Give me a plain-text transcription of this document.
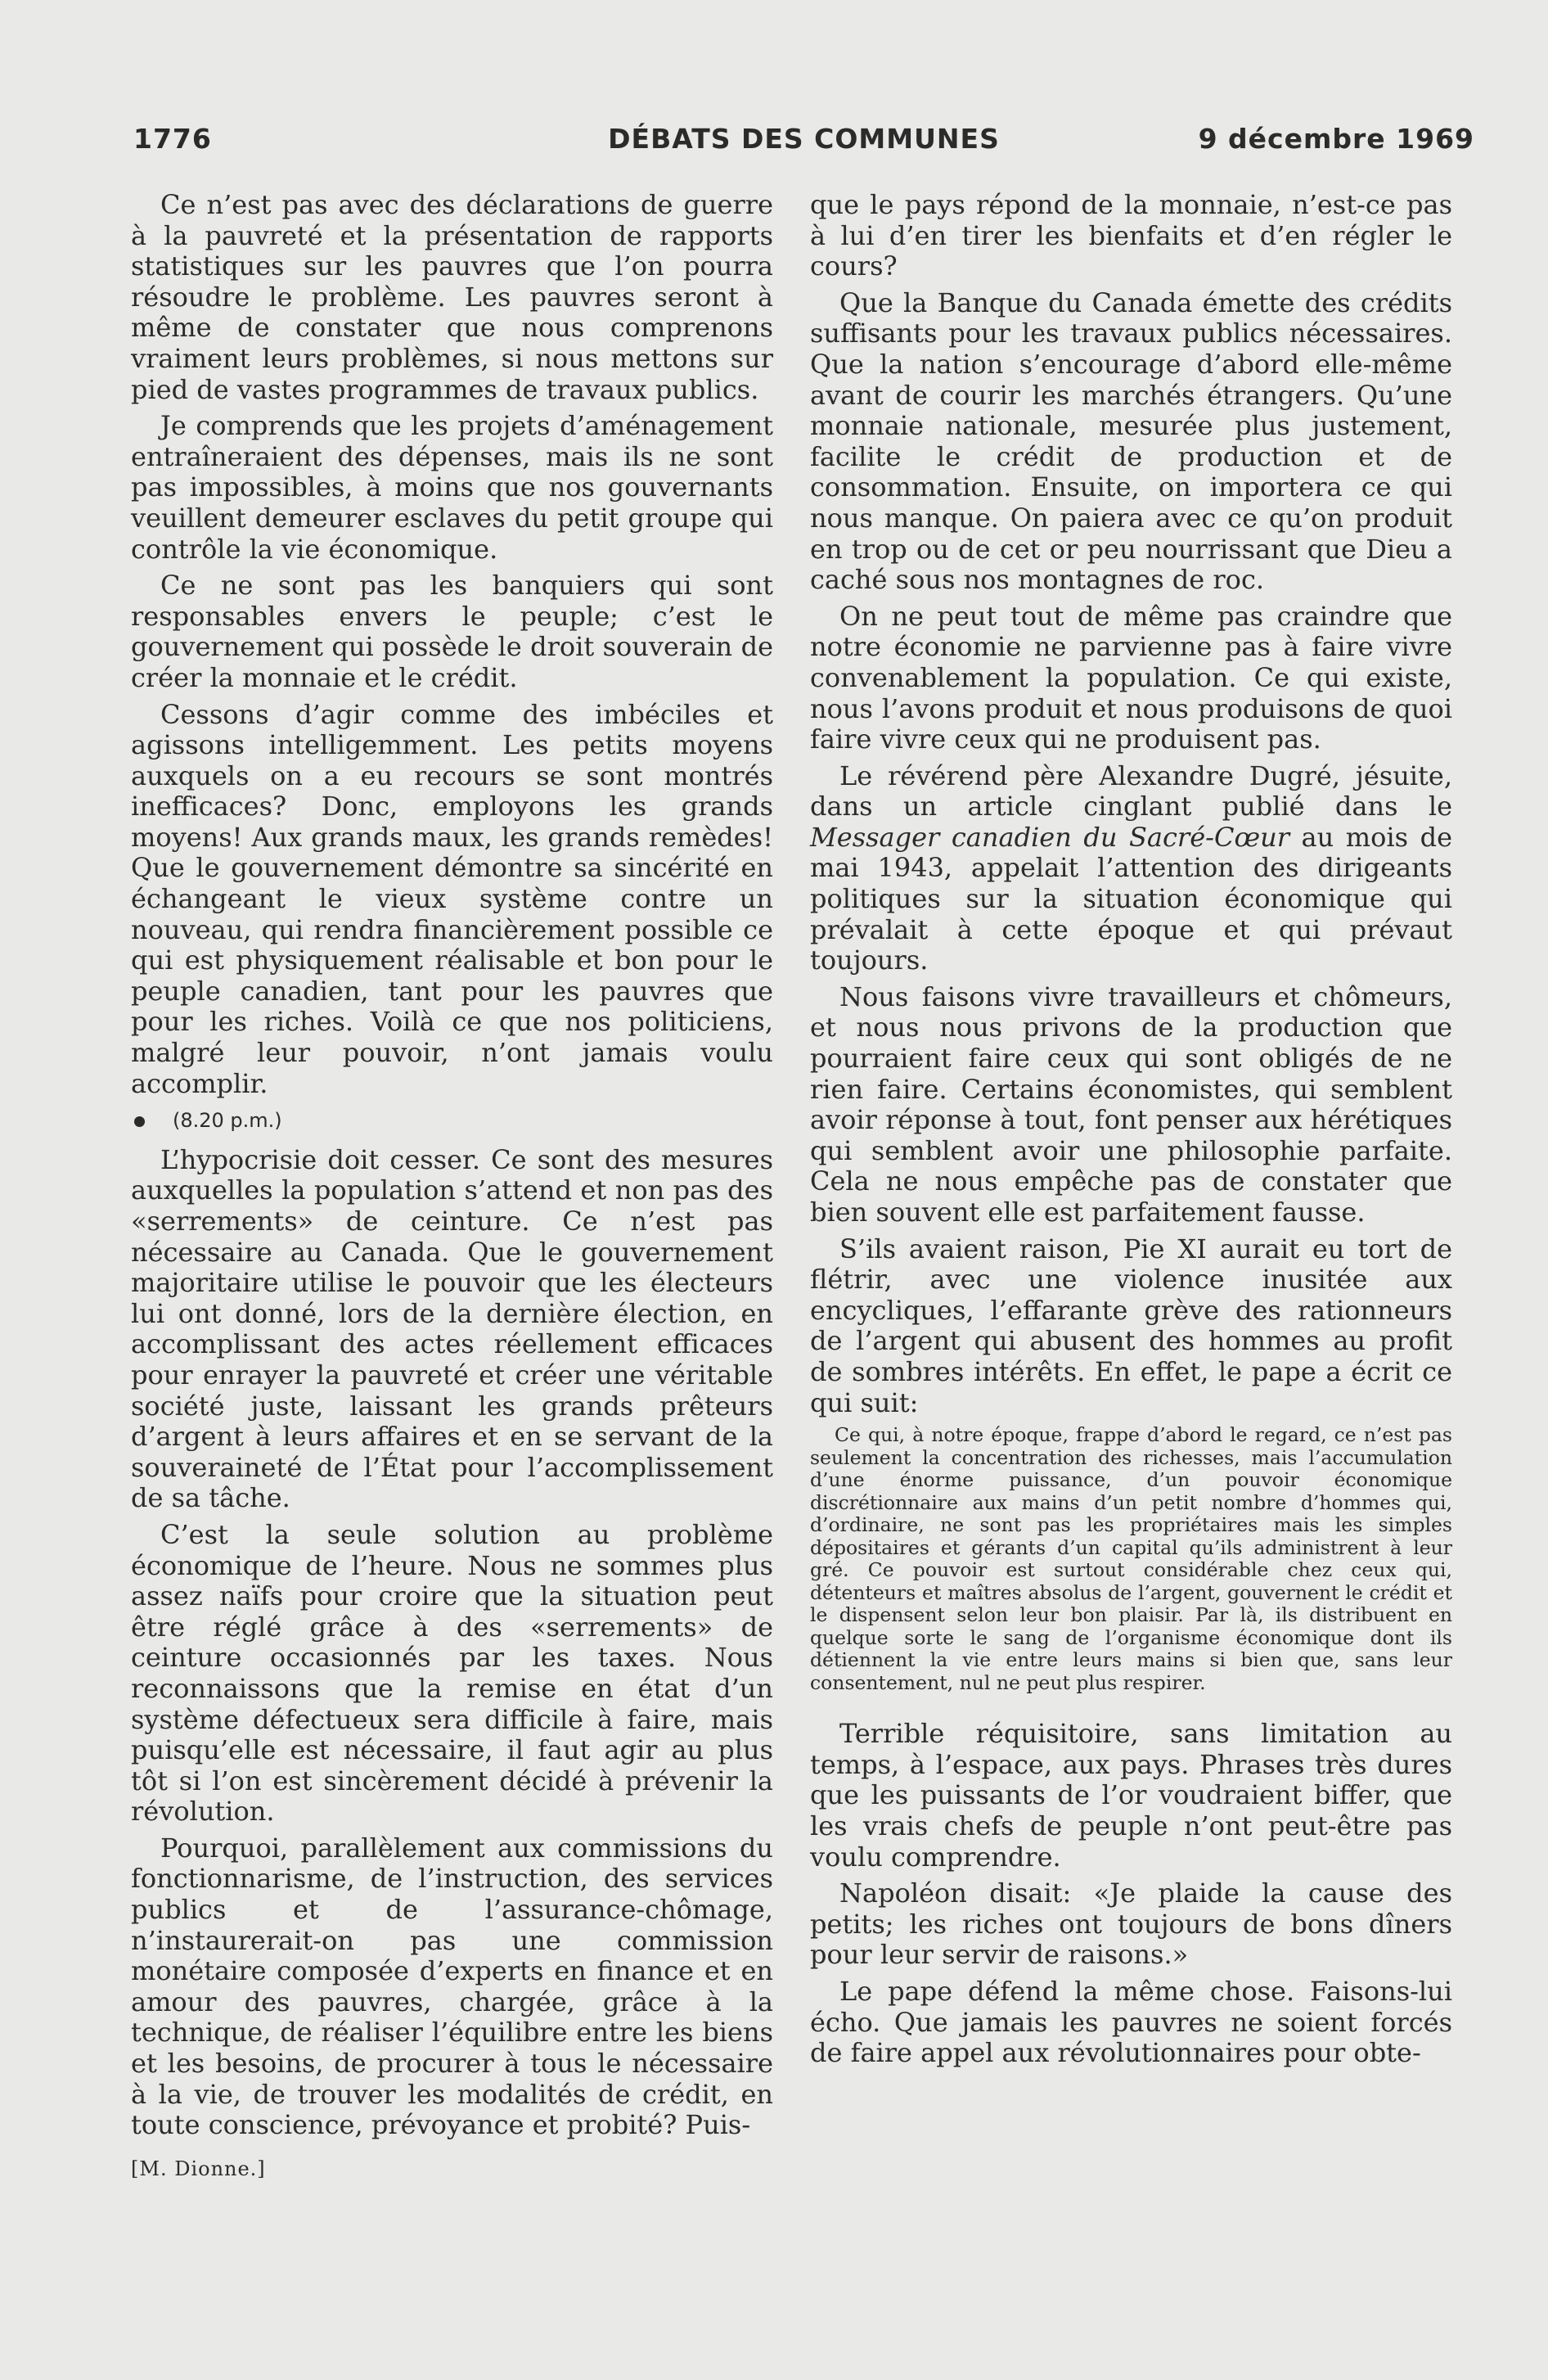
1776	DÉBATS DES COMMUNES	9 décembre 1969

Ce n’est pas avec des déclarations de guerre à la pauvreté et la présentation de rapports statistiques sur les pauvres que l’on pourra résoudre le problème. Les pauvres seront à même de constater que nous comprenons vraiment leurs problèmes, si nous mettons sur pied de vastes programmes de travaux publics.

Je comprends que les projets d’aménagement entraîneraient des dépenses, mais ils ne sont pas impossibles, à moins que nos gouvernants veuillent demeurer esclaves du petit groupe qui contrôle la vie économique.

Ce ne sont pas les banquiers qui sont responsables envers le peuple; c’est le gouvernement qui possède le droit souverain de créer la monnaie et le crédit.

Cessons d’agir comme des imbéciles et agissons intelligemment. Les petits moyens auxquels on a eu recours se sont montrés inefficaces? Donc, employons les grands moyens! Aux grands maux, les grands remèdes! Que le gouvernement démontre sa sincérité en échangeant le vieux système contre un nouveau, qui rendra financièrement possible ce qui est physiquement réalisable et bon pour le peuple canadien, tant pour les pauvres que pour les riches. Voilà ce que nos politiciens, malgré leur pouvoir, n’ont jamais voulu accomplir.

(8.20 p.m.)

L’hypocrisie doit cesser. Ce sont des mesures auxquelles la population s’attend et non pas des «serrements» de ceinture. Ce n’est pas nécessaire au Canada. Que le gouvernement majoritaire utilise le pouvoir que les électeurs lui ont donné, lors de la dernière élection, en accomplissant des actes réellement efficaces pour enrayer la pauvreté et créer une véritable société juste, laissant les grands prêteurs d’argent à leurs affaires et en se servant de la souveraineté de l’État pour l’accomplissement de sa tâche.

C’est la seule solution au problème économique de l’heure. Nous ne sommes plus assez naïfs pour croire que la situation peut être réglé grâce à des «serrements» de ceinture occasionnés par les taxes. Nous reconnaissons que la remise en état d’un système défectueux sera difficile à faire, mais puisqu’elle est nécessaire, il faut agir au plus tôt si l’on est sincèrement décidé à prévenir la révolution.

Pourquoi, parallèlement aux commissions du fonctionnarisme, de l’instruction, des services publics et de l’assurance-chômage, n’instaurerait-on pas une commission monétaire composée d’experts en finance et en amour des pauvres, chargée, grâce à la technique, de réaliser l’équilibre entre les biens et les besoins, de procurer à tous le nécessaire à la vie, de trouver les modalités de crédit, en toute conscience, prévoyance et probité? Puis-

[M. Dionne.]

que le pays répond de la monnaie, n’est-ce pas à lui d’en tirer les bienfaits et d’en régler le cours?

Que la Banque du Canada émette des crédits suffisants pour les travaux publics nécessaires. Que la nation s’encourage d’abord elle-même avant de courir les marchés étrangers. Qu’une monnaie nationale, mesurée plus justement, facilite le crédit de production et de consommation. Ensuite, on importera ce qui nous manque. On paiera avec ce qu’on produit en trop ou de cet or peu nourrissant que Dieu a caché sous nos montagnes de roc.

On ne peut tout de même pas craindre que notre économie ne parvienne pas à faire vivre convenablement la population. Ce qui existe, nous l’avons produit et nous produisons de quoi faire vivre ceux qui ne produisent pas.

Le révérend père Alexandre Dugré, jésuite, dans un article cinglant publié dans le Messager canadien du Sacré-Cœur au mois de mai 1943, appelait l’attention des dirigeants politiques sur la situation économique qui prévalait à cette époque et qui prévaut toujours.

Nous faisons vivre travailleurs et chômeurs, et nous nous privons de la production que pourraient faire ceux qui sont obligés de ne rien faire. Certains économistes, qui semblent avoir réponse à tout, font penser aux hérétiques qui semblent avoir une philosophie parfaite. Cela ne nous empêche pas de constater que bien souvent elle est parfaitement fausse.

S’ils avaient raison, Pie XI aurait eu tort de flétrir, avec une violence inusitée aux encycliques, l’effarante grève des rationneurs de l’argent qui abusent des hommes au profit de sombres intérêts. En effet, le pape a écrit ce qui suit:

Ce qui, à notre époque, frappe d’abord le regard, ce n’est pas seulement la concentration des richesses, mais l’accumulation d’une énorme puissance, d’un pouvoir économique discrétionnaire aux mains d’un petit nombre d’hommes qui, d’ordinaire, ne sont pas les propriétaires mais les simples dépositaires et gérants d’un capital qu’ils administrent à leur gré. Ce pouvoir est surtout considérable chez ceux qui, détenteurs et maîtres absolus de l’argent, gouvernent le crédit et le dispensent selon leur bon plaisir. Par là, ils distribuent en quelque sorte le sang de l’organisme économique dont ils détiennent la vie entre leurs mains si bien que, sans leur consentement, nul ne peut plus respirer.

Terrible réquisitoire, sans limitation au temps, à l’espace, aux pays. Phrases très dures que les puissants de l’or voudraient biffer, que les vrais chefs de peuple n’ont peut-être pas voulu comprendre.

Napoléon disait: «Je plaide la cause des petits; les riches ont toujours de bons dîners pour leur servir de raisons.»

Le pape défend la même chose. Faisons-lui écho. Que jamais les pauvres ne soient forcés de faire appel aux révolutionnaires pour obte-
